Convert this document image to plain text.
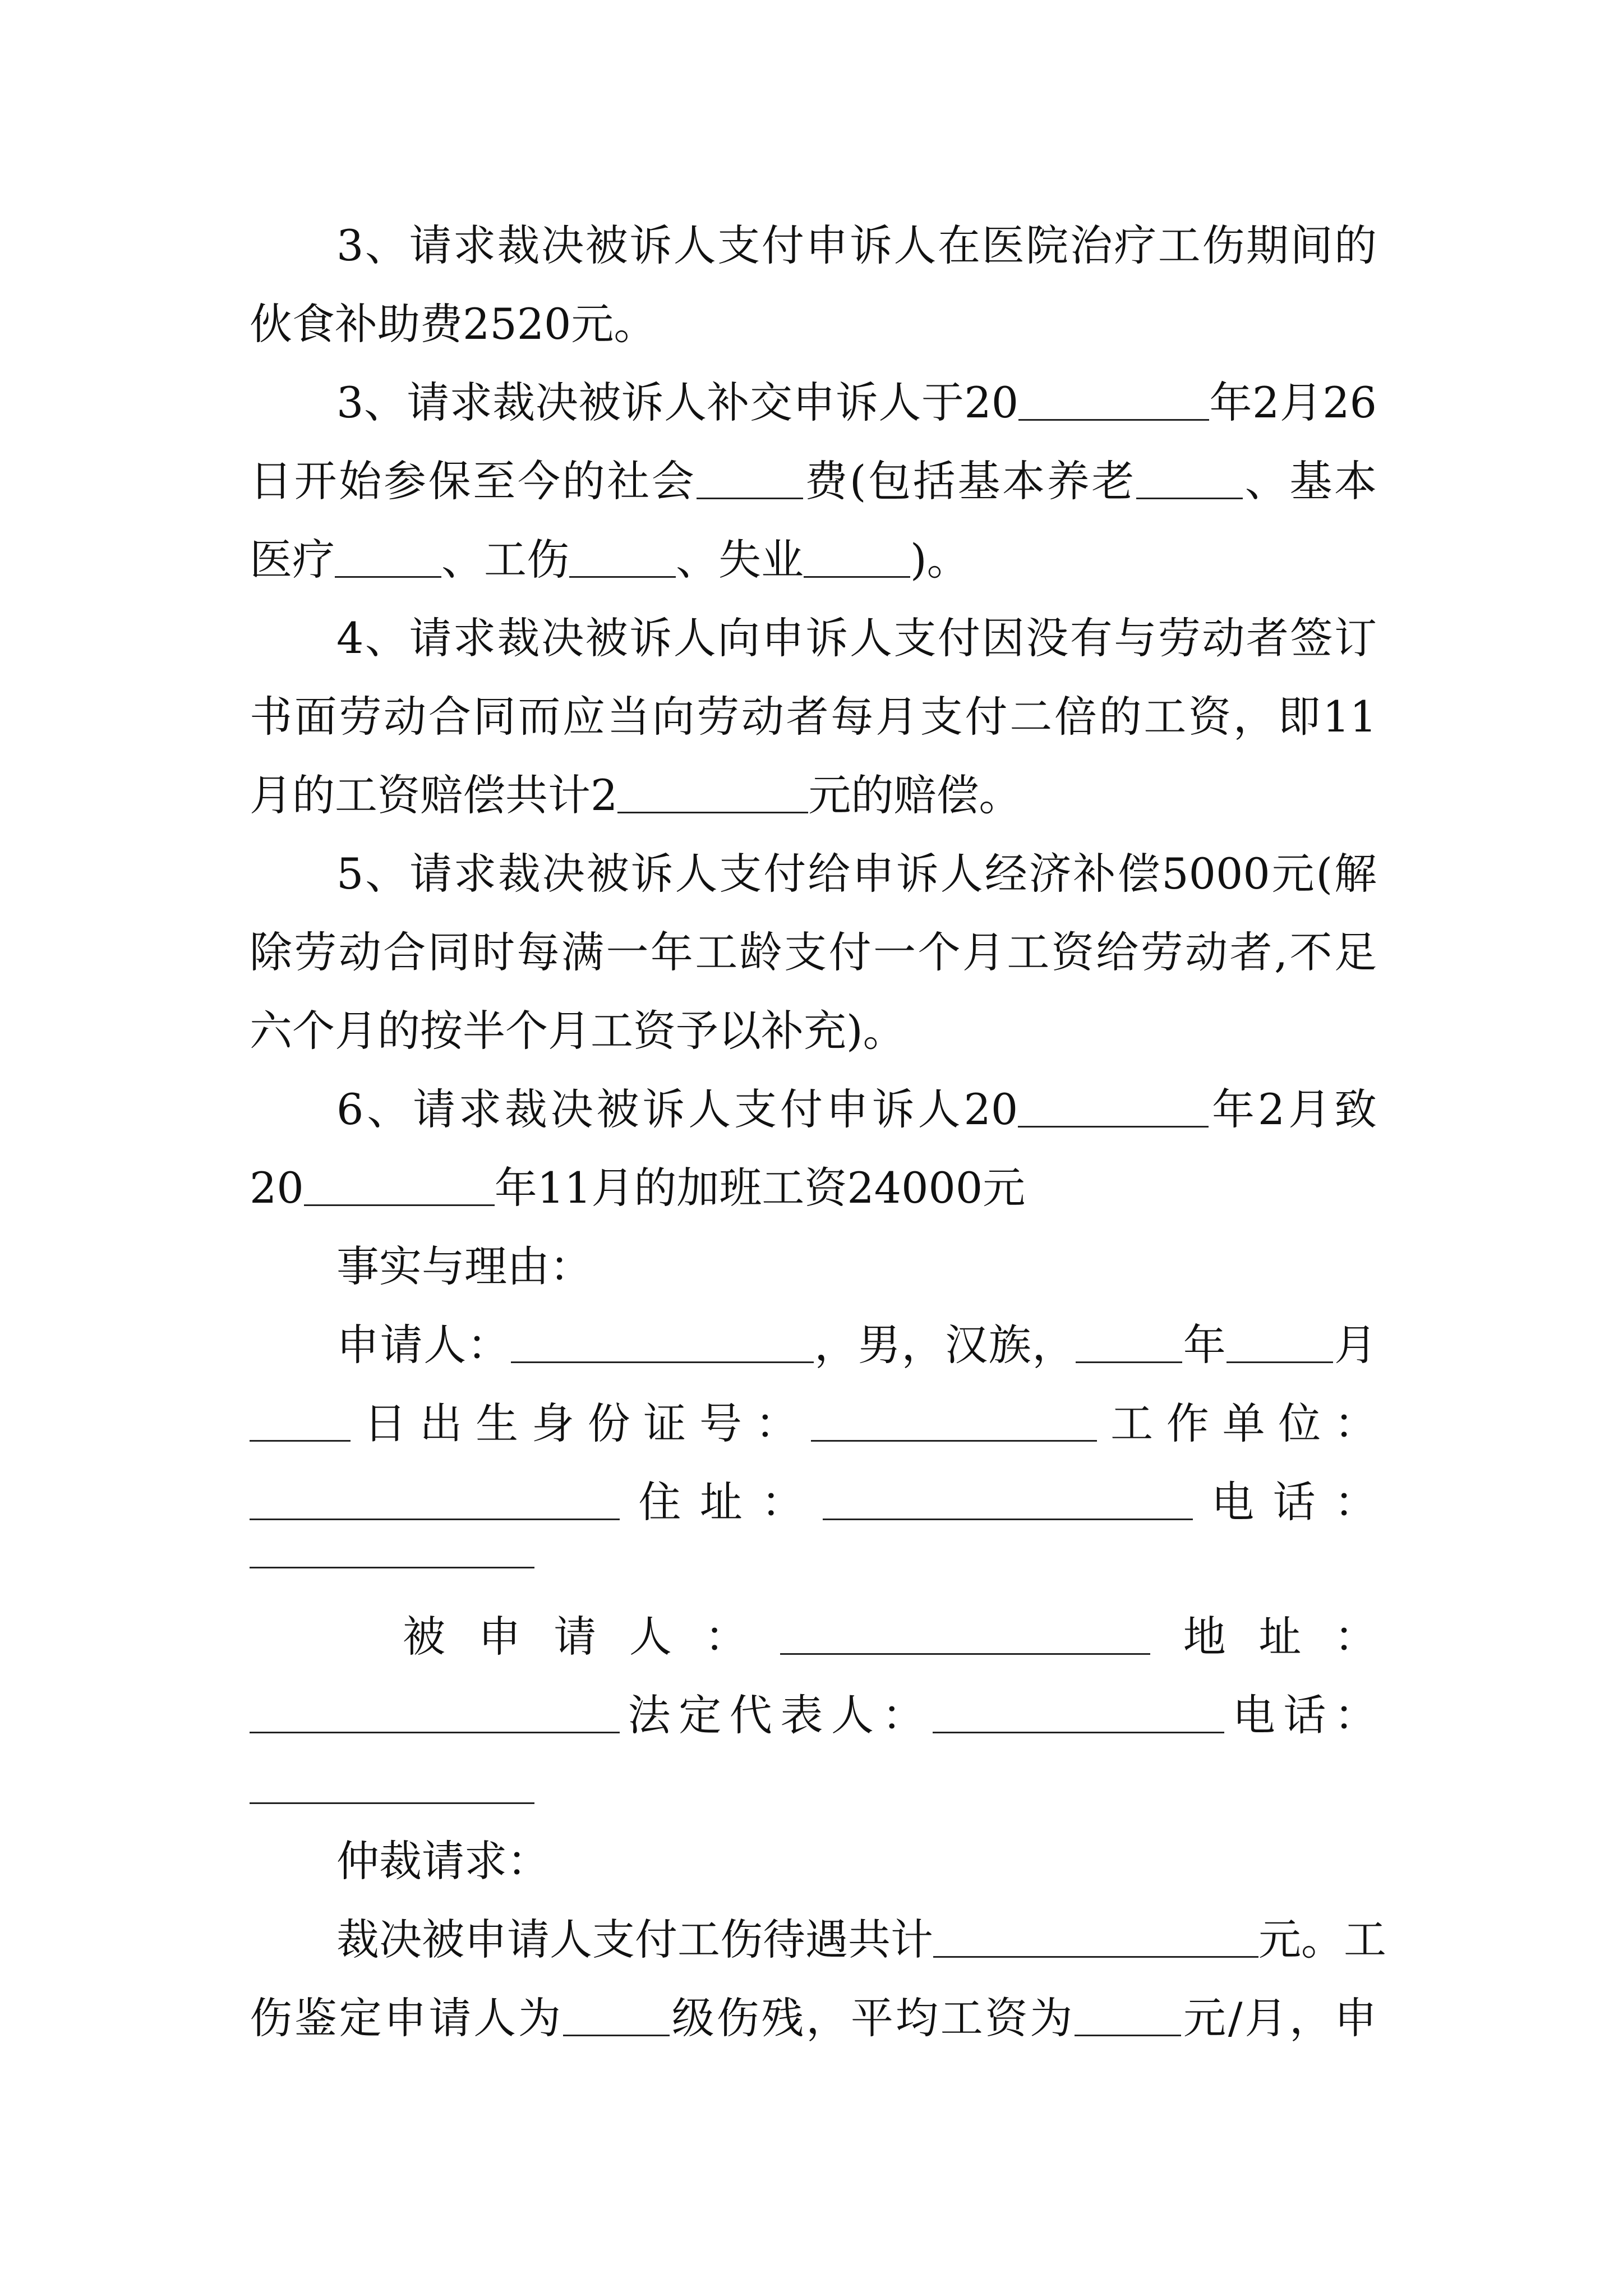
3、请求裁决被诉人支付申诉人在医院治疗工伤期间的
伙食补助费2520元。
3、请求裁决被诉人补交申诉人于20	年2月26
日开始参保至今的社会	费(包括基本养老	、基本
医疗	、工伤	、失业	)。
4、请求裁决被诉人向申诉人支付因没有与劳动者签订
书面劳动合同而应当向劳动者每月支付二倍的工资，即11
月的工资赔偿共计2	元的赔偿。
5、请求裁决被诉人支付给申诉人经济补偿5000元(解
除劳动合同时每满一年工龄支付一个月工资给劳动者,不足
六个月的按半个月工资予以补充)。
6、请求裁决被诉人支付申诉人20	年2月致
20	年11月的加班工资24000元
事实与理由：
申请人：	，男，汉族，	年	月
日出生身份证号：	工作单位：
住址：	电话：
被申请人：	地址：
法定代表人：	电话：
仲裁请求：
裁决被申请人支付工伤待遇共计	元。工
伤鉴定申请人为	级伤残，平均工资为	元/月，申
